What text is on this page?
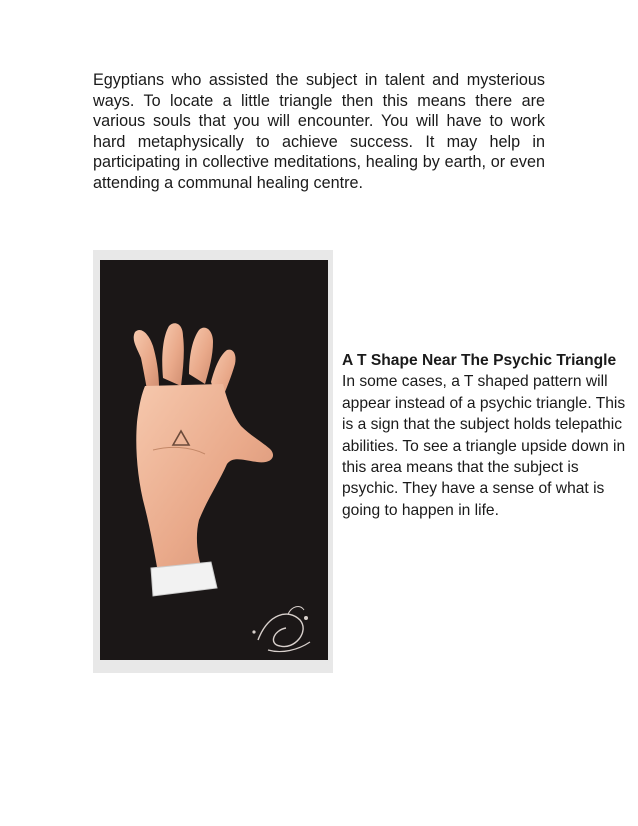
Egyptians who assisted the subject in talent and mysterious ways. To locate a little triangle then this means there are various souls that you will encounter. You will have to work hard metaphysically to achieve success. It may help in participating in collective meditations, healing by earth, or even attending a communal healing centre.

A T Shape Near The Psychic Triangle

In some cases, a T shaped pattern will appear instead of a psychic triangle. This is a sign that the subject holds telepathic abilities. To see a triangle upside down in this area means that the subject is psychic. They have a sense of what is going to happen in life.
